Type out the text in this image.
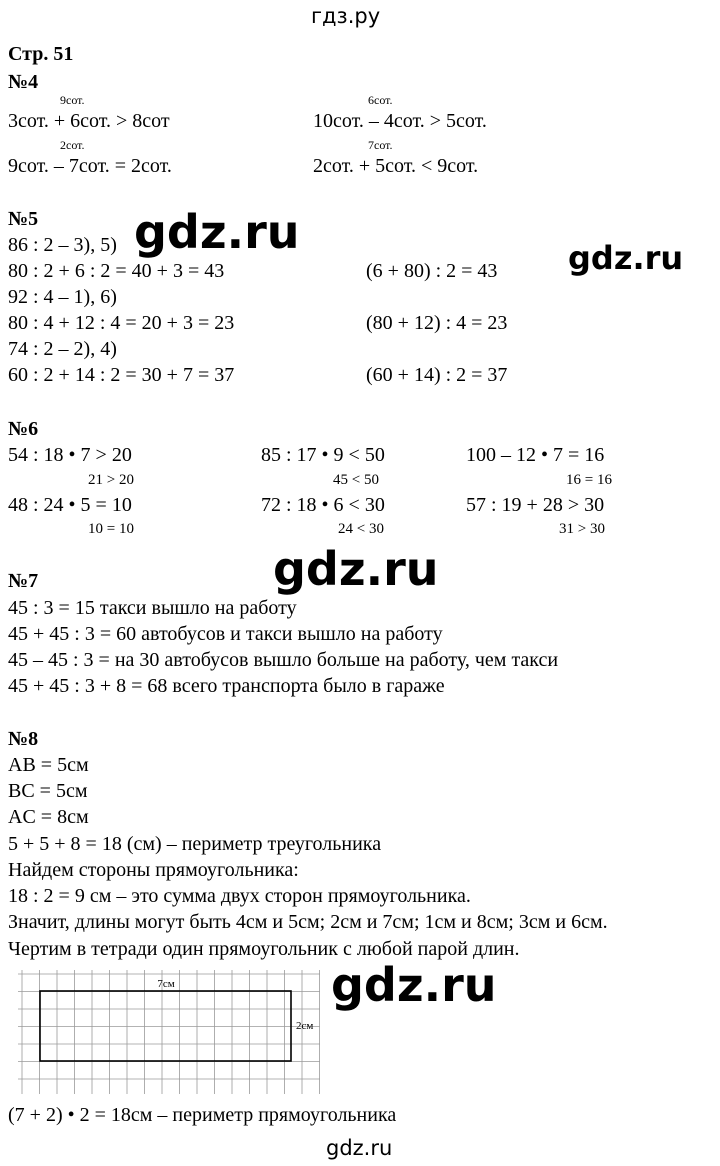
гдз.ру
Стр. 51
№4
9сот.	6сот.
3сот. + 6сот. > 8сот	10сот. – 4сот. > 5сот.
2сот.	7сот.
9сот. – 7сот. = 2сот.	2сот. + 5сот. < 9сот.
№5
86 : 2 – 3), 5)
80 : 2 + 6 : 2 = 40 + 3 = 43	(6 + 80) : 2 = 43
92 : 4 – 1), 6)
80 : 4 + 12 : 4 = 20 + 3 = 23	(80 + 12) : 4 = 23
74 : 2 – 2), 4)
60 : 2 + 14 : 2 = 30 + 7 = 37	(60 + 14) : 2 = 37
№6
54 : 18 • 7 > 20	85 : 17 • 9 < 50	100 – 12 • 7 = 16
21 > 20	45 < 50	16 = 16
48 : 24 • 5 = 10	72 : 18 • 6 < 30	57 : 19 + 28 > 30
10 = 10	24 < 30	31 > 30
№7
45 : 3 = 15 такси вышло на работу
45 + 45 : 3 = 60 автобусов и такси вышло на работу
45 – 45 : 3 = на 30 автобусов вышло больше на работу, чем такси
45 + 45 : 3 + 8 = 68 всего транспорта было в гараже
№8
AB = 5см
BC = 5см
AC = 8см
5 + 5 + 8 = 18 (см) – периметр треугольника
Найдем стороны прямоугольника:
18 : 2 = 9 см – это сумма двух сторон прямоугольника.
Значит, длины могут быть 4см и 5см; 2см и 7см; 1см и 8см; 3см и 6см.
Чертим в тетради один прямоугольник с любой парой длин.
7см
2см
(7 + 2) • 2 = 18см – периметр прямоугольника
gdz.ru	gdz.ru
gdz.ru
gdz.ru
gdz.ru
